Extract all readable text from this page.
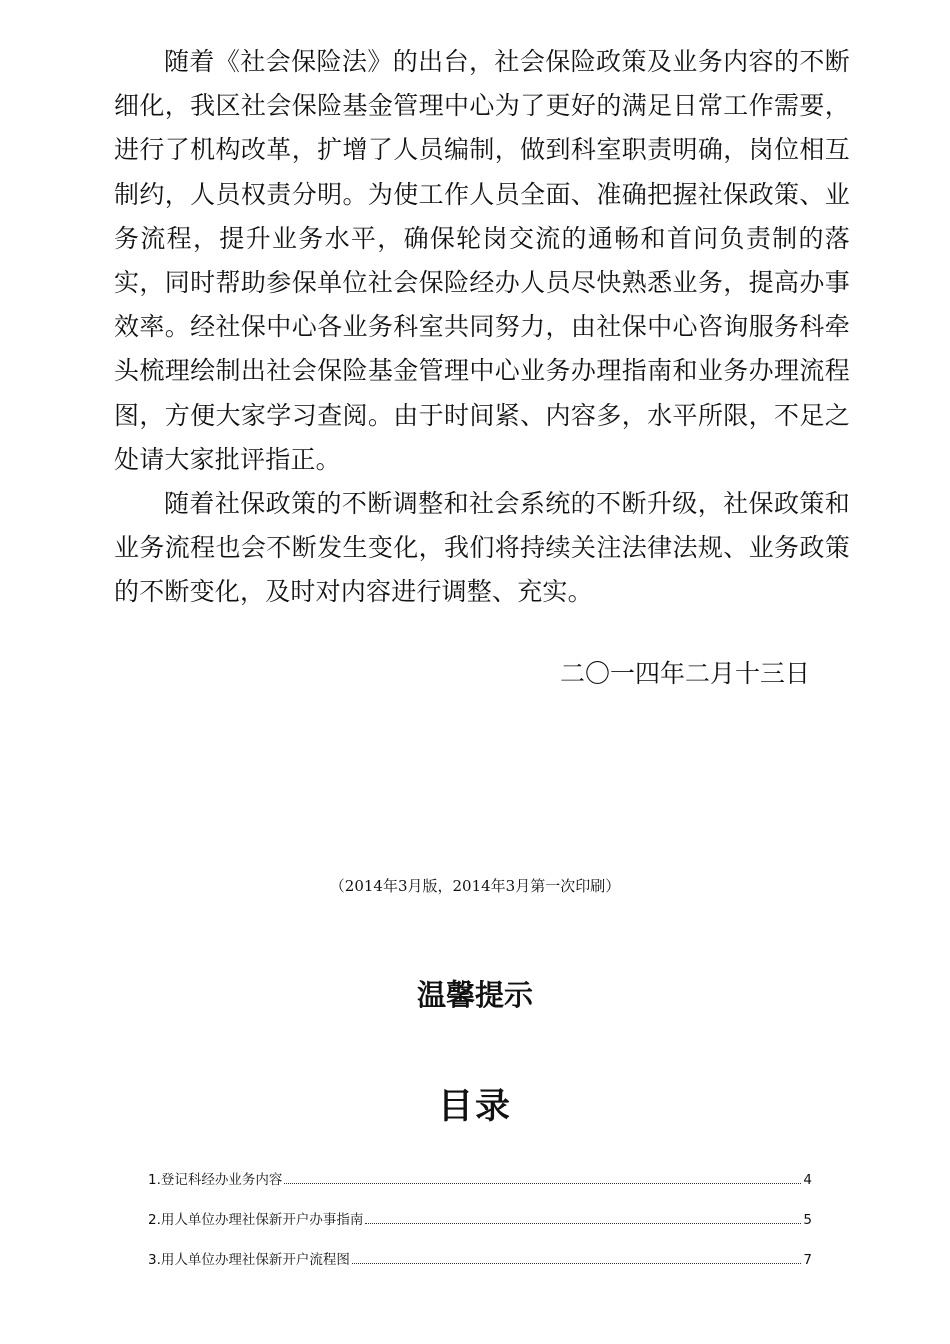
随着《社会保险法》的出台，社会保险政策及业务内容的不断细化，我区社会保险基金管理中心为了更好的满足日常工作需要，进行了机构改革，扩增了人员编制，做到科室职责明确，岗位相互制约，人员权责分明。为使工作人员全面、准确把握社保政策、业务流程，提升业务水平，确保轮岗交流的通畅和首问负责制的落实，同时帮助参保单位社会保险经办人员尽快熟悉业务，提高办事效率。经社保中心各业务科室共同努力，由社保中心咨询服务科牵头梳理绘制出社会保险基金管理中心业务办理指南和业务办理流程图，方便大家学习查阅。由于时间紧、内容多，水平所限，不足之处请大家批评指正。

随着社保政策的不断调整和社会系统的不断升级，社保政策和业务流程也会不断发生变化，我们将持续关注法律法规、业务政策的不断变化，及时对内容进行调整、充实。

二〇一四年二月十三日
（2014年3月版，2014年3月第一次印刷）
温馨提示
目录
1.登记科经办业务内容	4
2.用人单位办理社保新开户办事指南	5
3.用人单位办理社保新开户流程图	7
